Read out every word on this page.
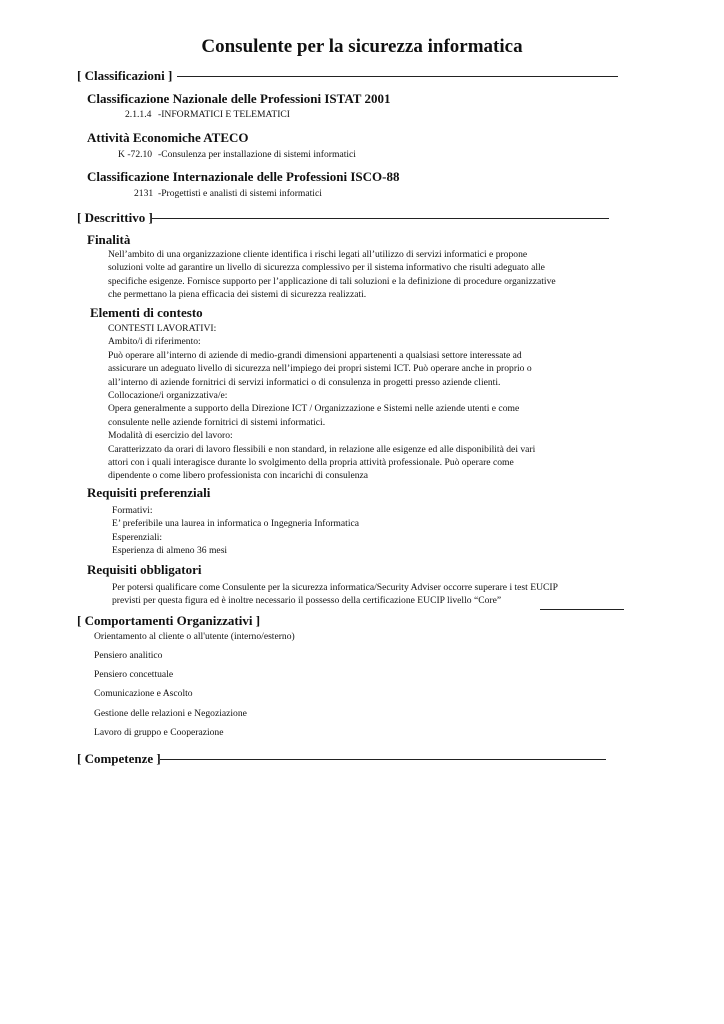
Consulente per la sicurezza informatica
[ Classificazioni ]
Classificazione Nazionale delle Professioni ISTAT 2001
2.1.1.4 -INFORMATICI E TELEMATICI
Attività Economiche ATECO
K -72.10 -Consulenza per installazione di sistemi informatici
Classificazione Internazionale delle Professioni ISCO-88
2131 -Progettisti e analisti di sistemi informatici
[ Descrittivo ]
Finalità
Nell’ambito di una organizzazione cliente identifica i rischi legati all’utilizzo di servizi informatici e propone
soluzioni volte ad garantire un livello di sicurezza complessivo per il sistema informativo che risulti adeguato alle
specifiche esigenze. Fornisce supporto per l’applicazione di tali soluzioni e la definizione di procedure organizzative
che permettano la piena efficacia dei sistemi di sicurezza realizzati.
Elementi di contesto
CONTESTI LAVORATIVI:
Ambito/i di riferimento:
Può operare all’interno di aziende di medio-grandi dimensioni appartenenti a qualsiasi settore interessate ad
assicurare un adeguato livello di sicurezza nell’impiego dei propri sistemi ICT. Può operare anche in proprio o
all’interno di aziende fornitrici di servizi informatici o di consulenza in progetti presso aziende clienti.
Collocazione/i organizzativa/e:
Opera generalmente a supporto della Direzione ICT / Organizzazione e Sistemi nelle aziende utenti e come
consulente nelle aziende fornitrici di sistemi informatici.
Modalità di esercizio del lavoro:
Caratterizzato da orari di lavoro flessibili e non standard, in relazione alle esigenze ed alle disponibilità dei vari
attori con i quali interagisce durante lo svolgimento della propria attività professionale. Può operare come
dipendente o come libero professionista con incarichi di consulenza
Requisiti preferenziali
Formativi:
E’ preferibile una laurea in informatica o Ingegneria Informatica
Esperenziali:
Esperienza di almeno 36 mesi
Requisiti obbligatori
Per potersi qualificare come Consulente per la sicurezza informatica/Security Adviser occorre superare i test EUCIP
previsti per questa figura ed è inoltre necessario il possesso della certificazione EUCIP livello “Core”
[ Comportamenti Organizzativi ]
Orientamento al cliente o all'utente (interno/esterno)
Pensiero analitico
Pensiero concettuale
Comunicazione e Ascolto
Gestione delle relazioni e Negoziazione
Lavoro di gruppo e Cooperazione
[ Competenze ]
